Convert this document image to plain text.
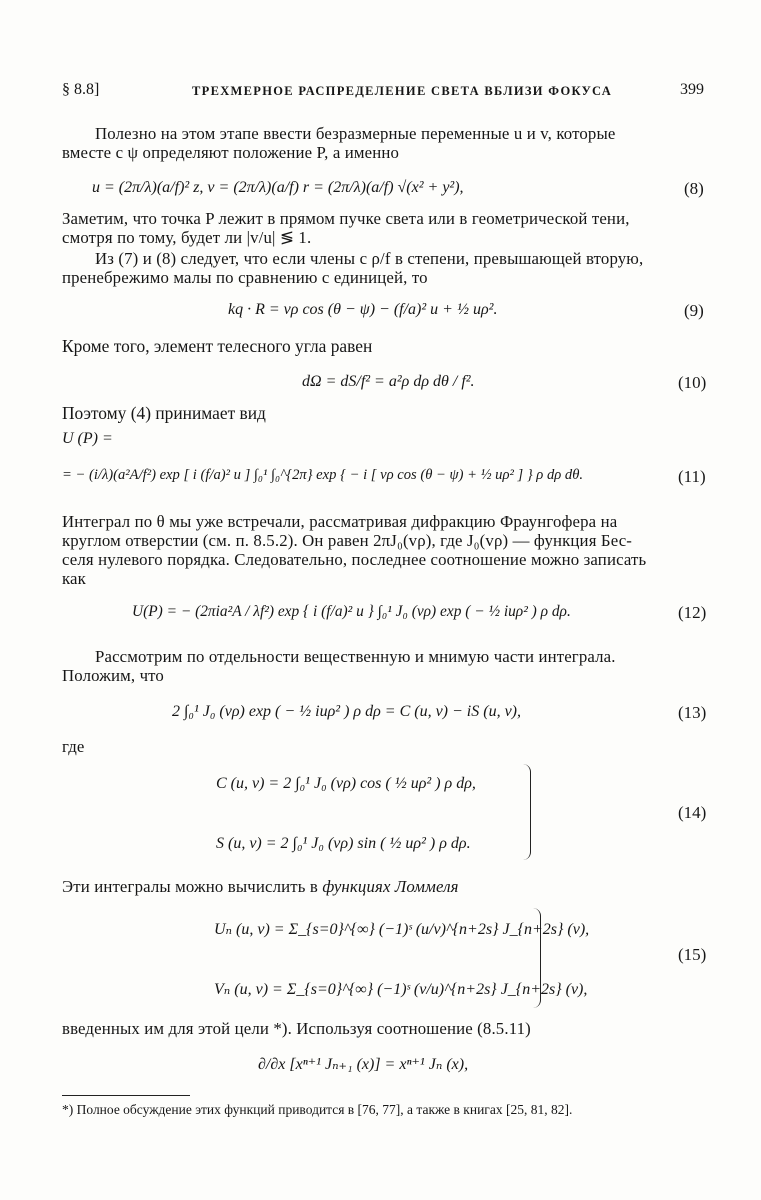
§ 8.8]	ТРЕХМЕРНОЕ РАСПРЕДЕЛЕНИЕ СВЕТА ВБЛИЗИ ФОКУСА	399
Полезно на этом этапе ввести безразмерные переменные u и v, которые
вместе с ψ определяют положение P, а именно
u = (2π/λ)(a/f)² z, v = (2π/λ)(a/f) r = (2π/λ)(a/f) √(x² + y²),	(8)
Заметим, что точка P лежит в прямом пучке света или в геометрической тени,
смотря по тому, будет ли |v/u| ≶ 1.
Из (7) и (8) следует, что если члены с ρ/f в степени, превышающей вторую,
пренебрежимо малы по сравнению с единицей, то
kq · R = vρ cos (θ − ψ) − (f/a)² u + ½ uρ².	(9)
Кроме того, элемент телесного угла равен
dΩ = dS/f² = a²ρ dρ dθ / f².	(10)
Поэтому (4) принимает вид
U (P) =
= − (i/λ)(a²A/f²) exp [ i (f/a)² u ] ∫₀¹ ∫₀^{2π} exp { − i [ vρ cos (θ − ψ) + ½ uρ² ] } ρ dρ dθ.	(11)
Интеграл по θ мы уже встречали, рассматривая дифракцию Фраунгофера на
круглом отверстии (см. п. 8.5.2). Он равен 2πJ₀(vρ), где J₀(vρ) — функция Бес-
селя нулевого порядка. Следовательно, последнее соотношение можно записать
как
U(P) = − (2πia²A / λf²) exp { i (f/a)² u } ∫₀¹ J₀ (vρ) exp ( − ½ iuρ² ) ρ dρ.	(12)
Рассмотрим по отдельности вещественную и мнимую части интеграла.
Положим, что
2 ∫₀¹ J₀ (vρ) exp ( − ½ iuρ² ) ρ dρ = C (u, v) − iS (u, v),	(13)
где
C (u, v) = 2 ∫₀¹ J₀ (vρ) cos ( ½ uρ² ) ρ dρ,
S (u, v) = 2 ∫₀¹ J₀ (vρ) sin ( ½ uρ² ) ρ dρ.
(14)
Эти интегралы можно вычислить в функциях Ломмеля
Uₙ (u, v) = Σ_{s=0}^{∞} (−1)ˢ (u/v)^{n+2s} J_{n+2s} (v),
Vₙ (u, v) = Σ_{s=0}^{∞} (−1)ˢ (v/u)^{n+2s} J_{n+2s} (v),
(15)
введенных им для этой цели *). Используя соотношение (8.5.11)
∂/∂x [xⁿ⁺¹ Jₙ₊₁ (x)] = xⁿ⁺¹ Jₙ (x),
*) Полное обсуждение этих функций приводится в [76, 77], а также в книгах [25, 81, 82].
